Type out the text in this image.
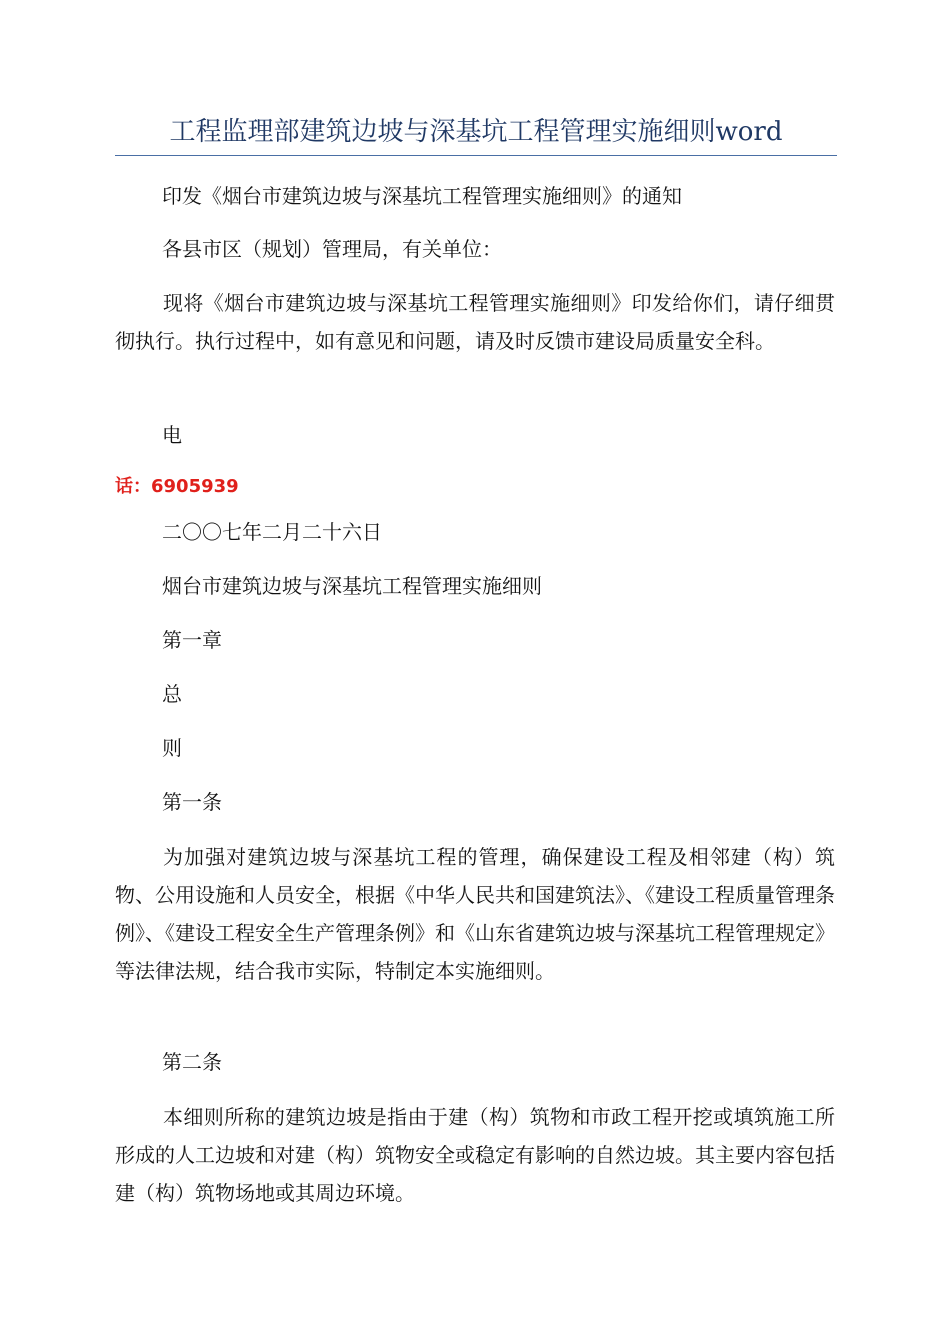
工程监理部建筑边坡与深基坑工程管理实施细则word
印发《烟台市建筑边坡与深基坑工程管理实施细则》的通知
各县市区（规划）管理局，有关单位：
现将《烟台市建筑边坡与深基坑工程管理实施细则》印发给你们，请仔细贯彻执行。执行过程中，如有意见和问题，请及时反馈市建设局质量安全科。
电
话：6905939
二〇〇七年二月二十六日
烟台市建筑边坡与深基坑工程管理实施细则
第一章
总
则
第一条
为加强对建筑边坡与深基坑工程的管理，确保建设工程及相邻建（构）筑物、公用设施和人员安全，根据《中华人民共和国建筑法》、《建设工程质量管理条例》、《建设工程安全生产管理条例》和《山东省建筑边坡与深基坑工程管理规定》等法律法规，结合我市实际，特制定本实施细则。
第二条
本细则所称的建筑边坡是指由于建（构）筑物和市政工程开挖或填筑施工所形成的人工边坡和对建（构）筑物安全或稳定有影响的自然边坡。其主要内容包括建（构）筑物场地或其周边环境。
